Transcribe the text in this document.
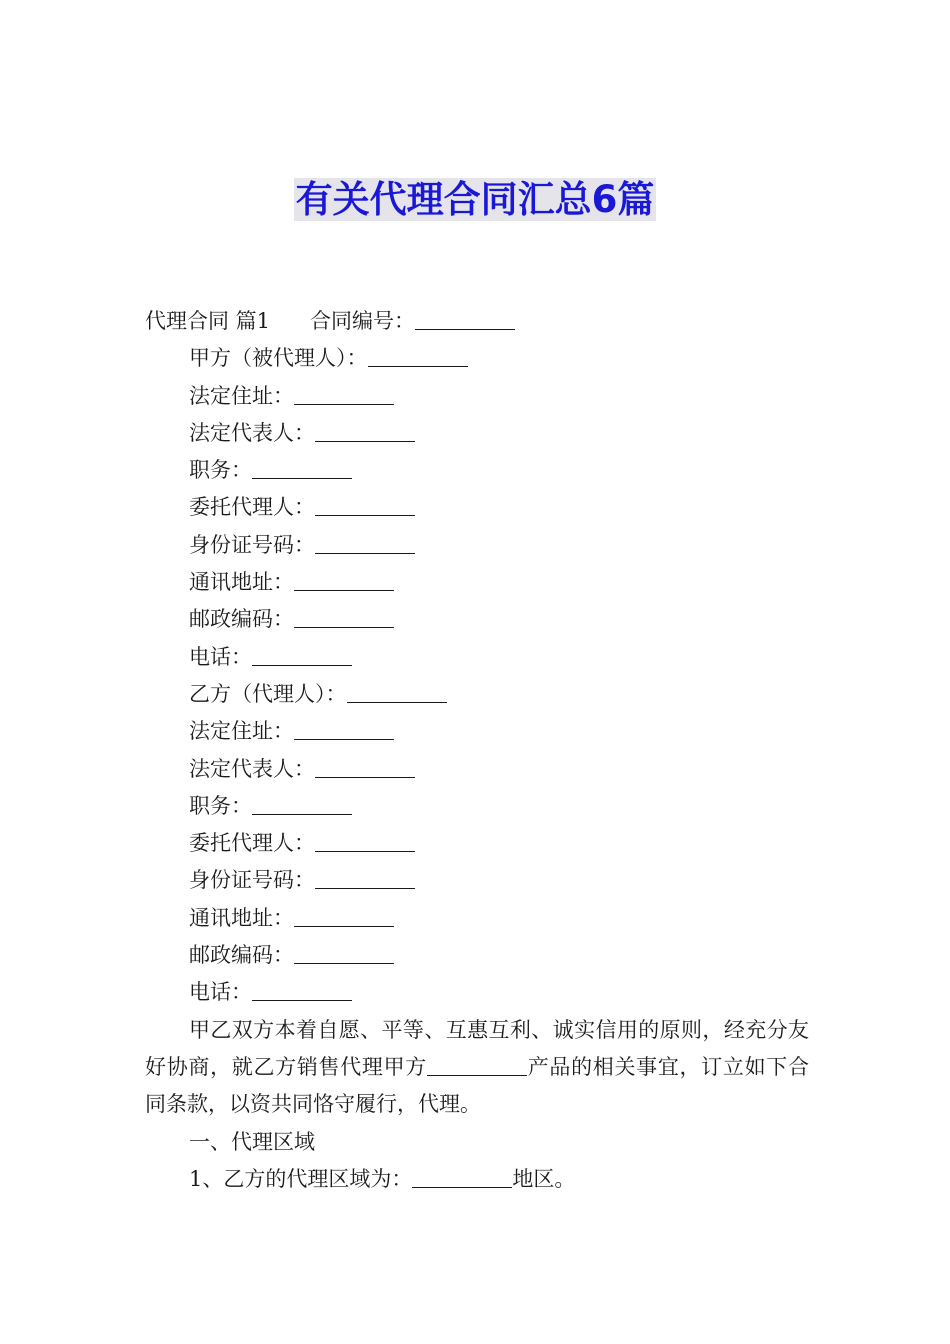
有关代理合同汇总6篇
代理合同 篇1 合同编号：
甲方（被代理人）：
法定住址：
法定代表人：
职务：
委托代理人：
身份证号码：
通讯地址：
邮政编码：
电话：
乙方（代理人）：
法定住址：
法定代表人：
职务：
委托代理人：
身份证号码：
通讯地址：
邮政编码：
电话：
甲乙双方本着自愿、平等、互惠互利、诚实信用的原则，经充分友好协商，就乙方销售代理甲方	产品的相关事宜，订立如下合同条款，以资共同恪守履行，代理。
一、代理区域
1、乙方的代理区域为：	地区。
